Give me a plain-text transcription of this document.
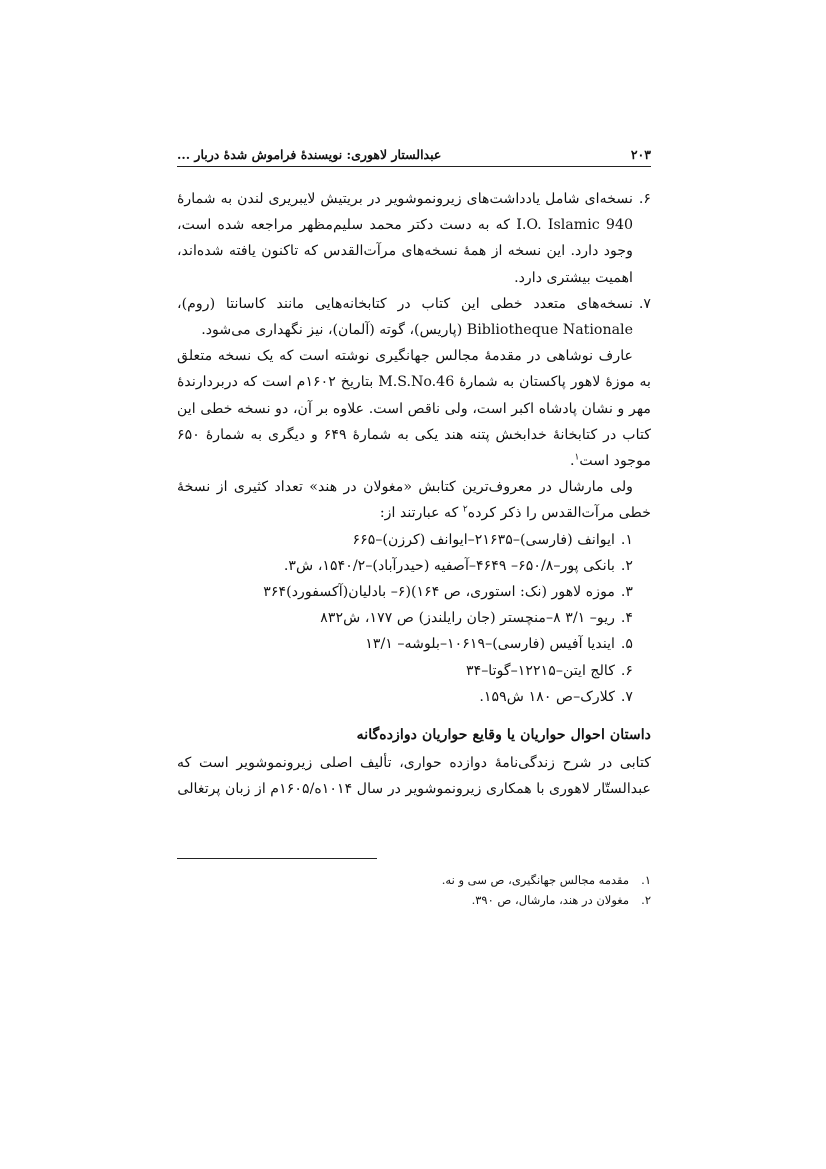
۲۰۳
عبدالستار لاهوری: نویسندهٔ فراموش شدهٔ دربار ...
۶.
نسخه‌ای شامل یادداشت‌های زیرونموشویر در بریتیش لایبریری لندن به شمارهٔ I.O. Islamic 940 که به دست دکتر محمد سلیم‌مظهر مراجعه شده است، وجود دارد. این نسخه از همهٔ نسخه‌های مرآت‌القدس که تاکنون یافته شده‌اند، اهمیت بیشتری دارد.
۷.
نسخه‌های متعدد خطی این کتاب در کتابخانه‌هایی مانند کاسانتا (روم)، Bibliotheque Nationale (پاریس)، گوته (آلمان)، نیز نگهداری می‌شود.

عارف نوشاهی در مقدمهٔ مجالس جهانگیری نوشته است که یک نسخه متعلق به موزهٔ لاهور پاکستان به شمارهٔ M.S.No.46 بتاریخ ۱۶۰۲م است که دربردارندهٔ مهر و نشان پادشاه اکبر است، ولی ناقص است. علاوه بر آن، دو نسخه خطی این کتاب در کتابخانهٔ خدابخش پتنه هند یکی به شمارهٔ ۶۴۹ و دیگری به شمارهٔ ۶۵۰ موجود است$^۱$.

ولی مارشال در معروف‌ترین کتابش «مغولان در هند» تعداد کثیری از نسخهٔ خطی مرآت‌القدس را ذکر کرده$^۲$ که عبارتند از:

۱.
ایوانف (فارسی)–۲۱۶۳۵–ایوانف (کرزن)–۶۶۵
۲.
بانکی پور–۶۵۰/۸– ۴۶۴۹–آصفیه (حیدرآباد)–۱۵۴۰/۲، ش۳.
۳.
موزه لاهور (نک: استوری، ص ۱۶۴)(۶– بادلیان(آکسفورد)۳۶۴
۴.
ریو– ۳/۱ ۸–منچستر (جان رایلندز) ص ۱۷۷، ش۸۳۲
۵.
ایندیا آفیس (فارسی)–۱۰۶۱۹–بلوشه– ۱۳/۱
۶.
کالج ایتن–۱۲۲۱۵–گوتا–۳۴
۷.
کلارک–ص ۱۸۰ ش۱۵۹.
داستان احوال حواریان یا وقایع حواریان دوازده‌گانه

کتابی در شرح زندگی‌نامهٔ دوازده حواری، تألیف اصلی زیرونموشویر است که عبدالستّار لاهوری با همکاری زیرونموشویر در سال ۱۰۱۴ه/۱۶۰۵م از زبان پرتغالی

۱.
مقدمه مجالس جهانگیری، ص سی و نه.
۲.
مغولان در هند، مارشال، ص ۳۹۰.
